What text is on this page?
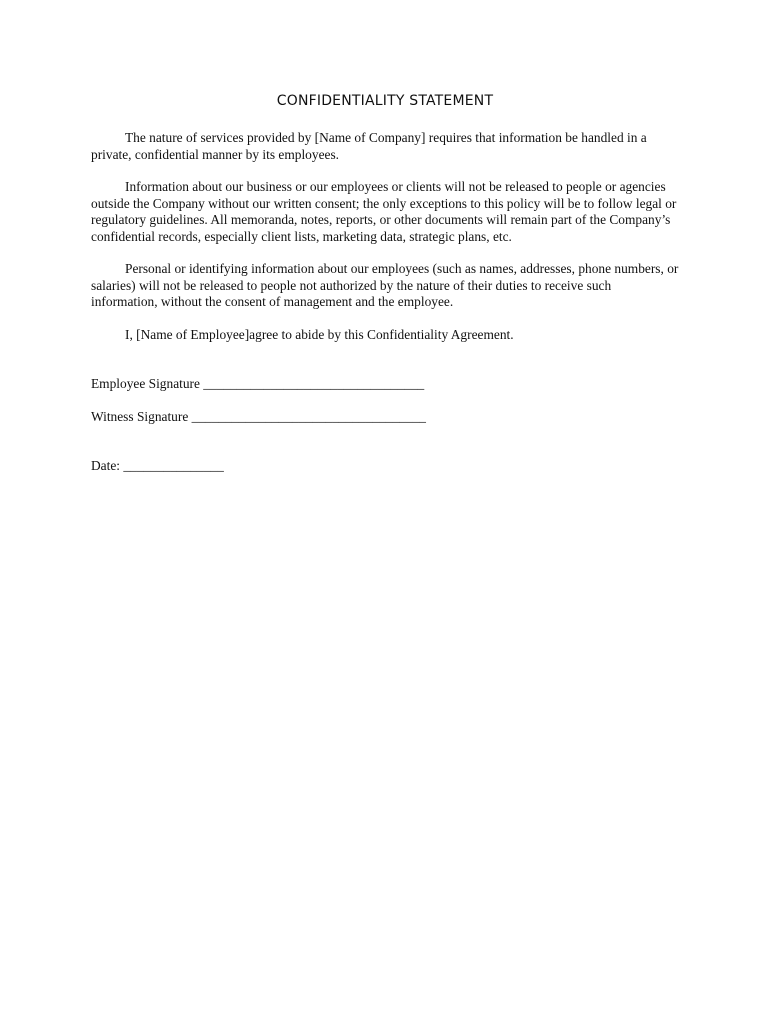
CONFIDENTIALITY STATEMENT

The nature of services provided by [Name of Company] requires that information be handled in a private, confidential manner by its employees.

Information about our business or our employees or clients will not be released to people or agencies outside the Company without our written consent; the only exceptions to this policy will be to follow legal or regulatory guidelines. All memoranda, notes, reports, or other documents will remain part of the Company’s confidential records, especially client lists, marketing data, strategic plans, etc.

Personal or identifying information about our employees (such as names, addresses, phone numbers, or salaries) will not be released to people not authorized by the nature of their duties to receive such information, without the consent of management and the employee.

I, [Name of Employee]agree to abide by this Confidentiality Agreement.

Employee Signature _________________________________
Witness Signature ___________________________________
Date: _______________
